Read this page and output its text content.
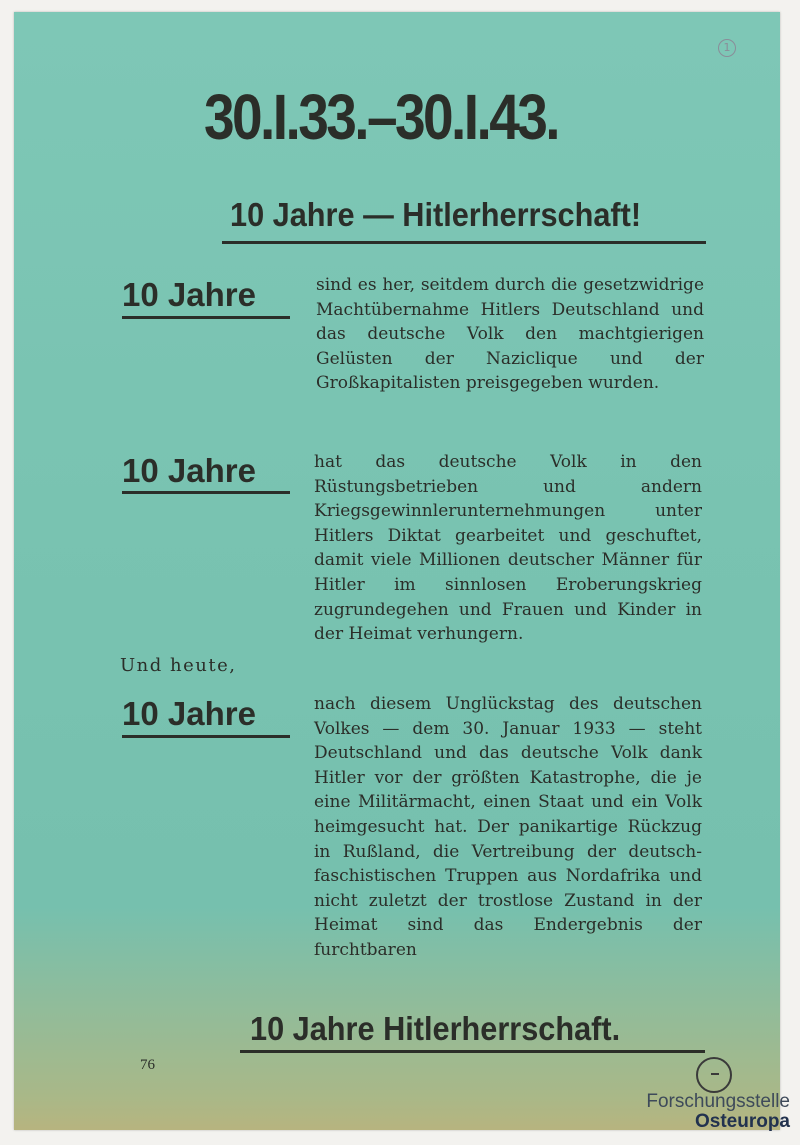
1
30.I.33.–30.I.43.
10 Jahre — Hitlerherrschaft!
10 Jahre	sind es her, seitdem durch die gesetzwidrige Machtübernahme Hitlers Deutschland und das deutsche Volk den machtgierigen Gelüsten der Naziclique und der Großkapitalisten preisgegeben wurden.
10 Jahre	hat das deutsche Volk in den Rüstungsbetrieben und andern Kriegsgewinnlerunternehmungen unter Hitlers Diktat gearbeitet und geschuftet, damit viele Millionen deutscher Männer für Hitler im sinnlosen Eroberungskrieg zugrundegehen und Frauen und Kinder in der Heimat verhungern.
Und heute,
10 Jahre	nach diesem Unglückstag des deutschen Volkes — dem 30. Januar 1933 — steht Deutschland und das deutsche Volk dank Hitler vor der größten Katastrophe, die je eine Militärmacht, einen Staat und ein Volk heimgesucht hat. Der panikartige Rückzug in Rußland, die Vertreibung der deutsch-faschistischen Truppen aus Nordafrika und nicht zuletzt der trostlose Zustand in der Heimat sind das Endergebnis der furchtbaren
10 Jahre Hitlerherrschaft.
76
Forschungsstelle
Osteuropa
